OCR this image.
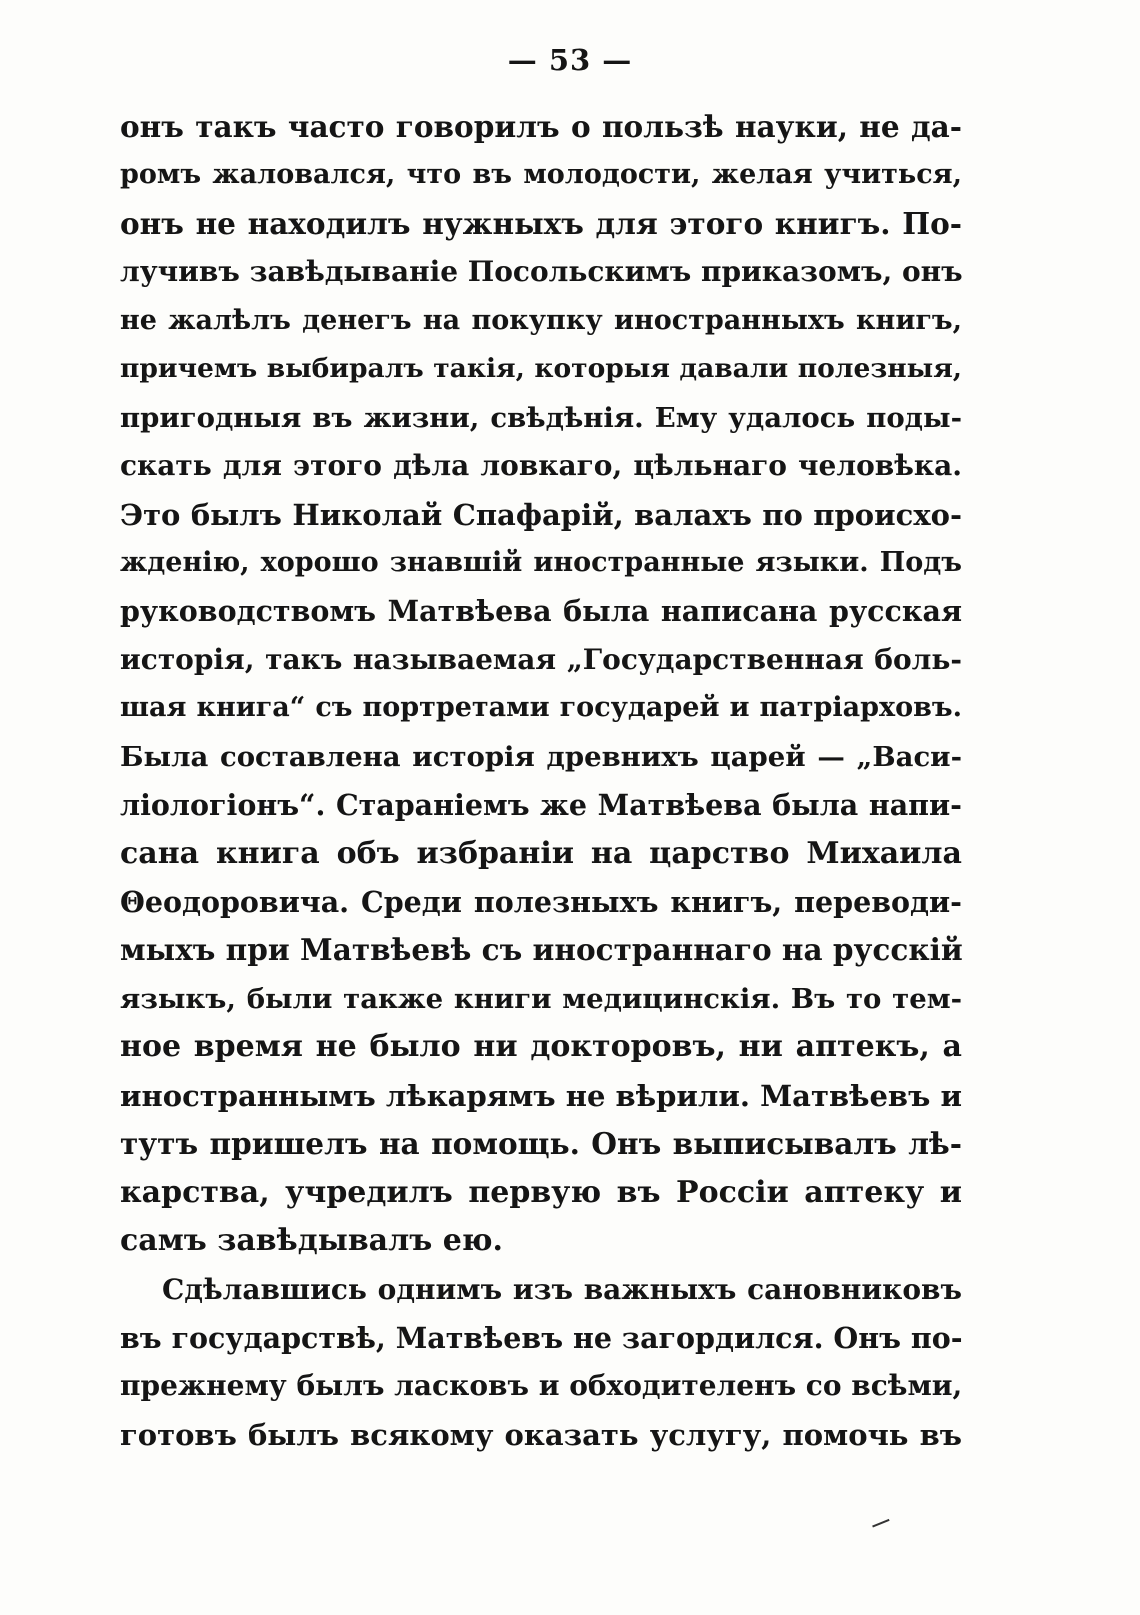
— 53 —
онъ такъ часто говорилъ о пользѣ науки, не да-
ромъ жаловался, что въ молодости, желая учиться,
онъ не находилъ нужныхъ для этого книгъ. По-
лучивъ завѣдываніе Посольскимъ приказомъ, онъ
не жалѣлъ денегъ на покупку иностранныхъ книгъ,
причемъ выбиралъ такія, которыя давали полезныя,
пригодныя въ жизни, свѣдѣнія. Ему удалось поды-
скать для этого дѣла ловкаго, цѣльнаго человѣка.
Это былъ Николай Спафарій, валахъ по происхо-
жденію, хорошо знавшій иностранные языки. Подъ
руководствомъ Матвѣева была написана русская
исторія, такъ называемая „Государственная боль-
шая книга“ съ портретами государей и патріарховъ.
Была составлена исторія древнихъ царей — „Васи-
ліологіонъ“. Стараніемъ же Матвѣева была напи-
сана книга объ избраніи на царство Михаила
Θеодоровича. Среди полезныхъ книгъ, переводи-
мыхъ при Матвѣевѣ съ иностраннаго на русскій
языкъ, были также книги медицинскія. Въ то тем-
ное время не было ни докторовъ, ни аптекъ, а
иностраннымъ лѣкарямъ не вѣрили. Матвѣевъ и
тутъ пришелъ на помощь. Онъ выписывалъ лѣ-
карства, учредилъ первую въ Россіи аптеку и
самъ завѣдывалъ ею.
Сдѣлавшись однимъ изъ важныхъ сановниковъ
въ государствѣ, Матвѣевъ не загордился. Онъ по-
прежнему былъ ласковъ и обходителенъ со всѣми,
готовъ былъ всякому оказать услугу, помочь въ
